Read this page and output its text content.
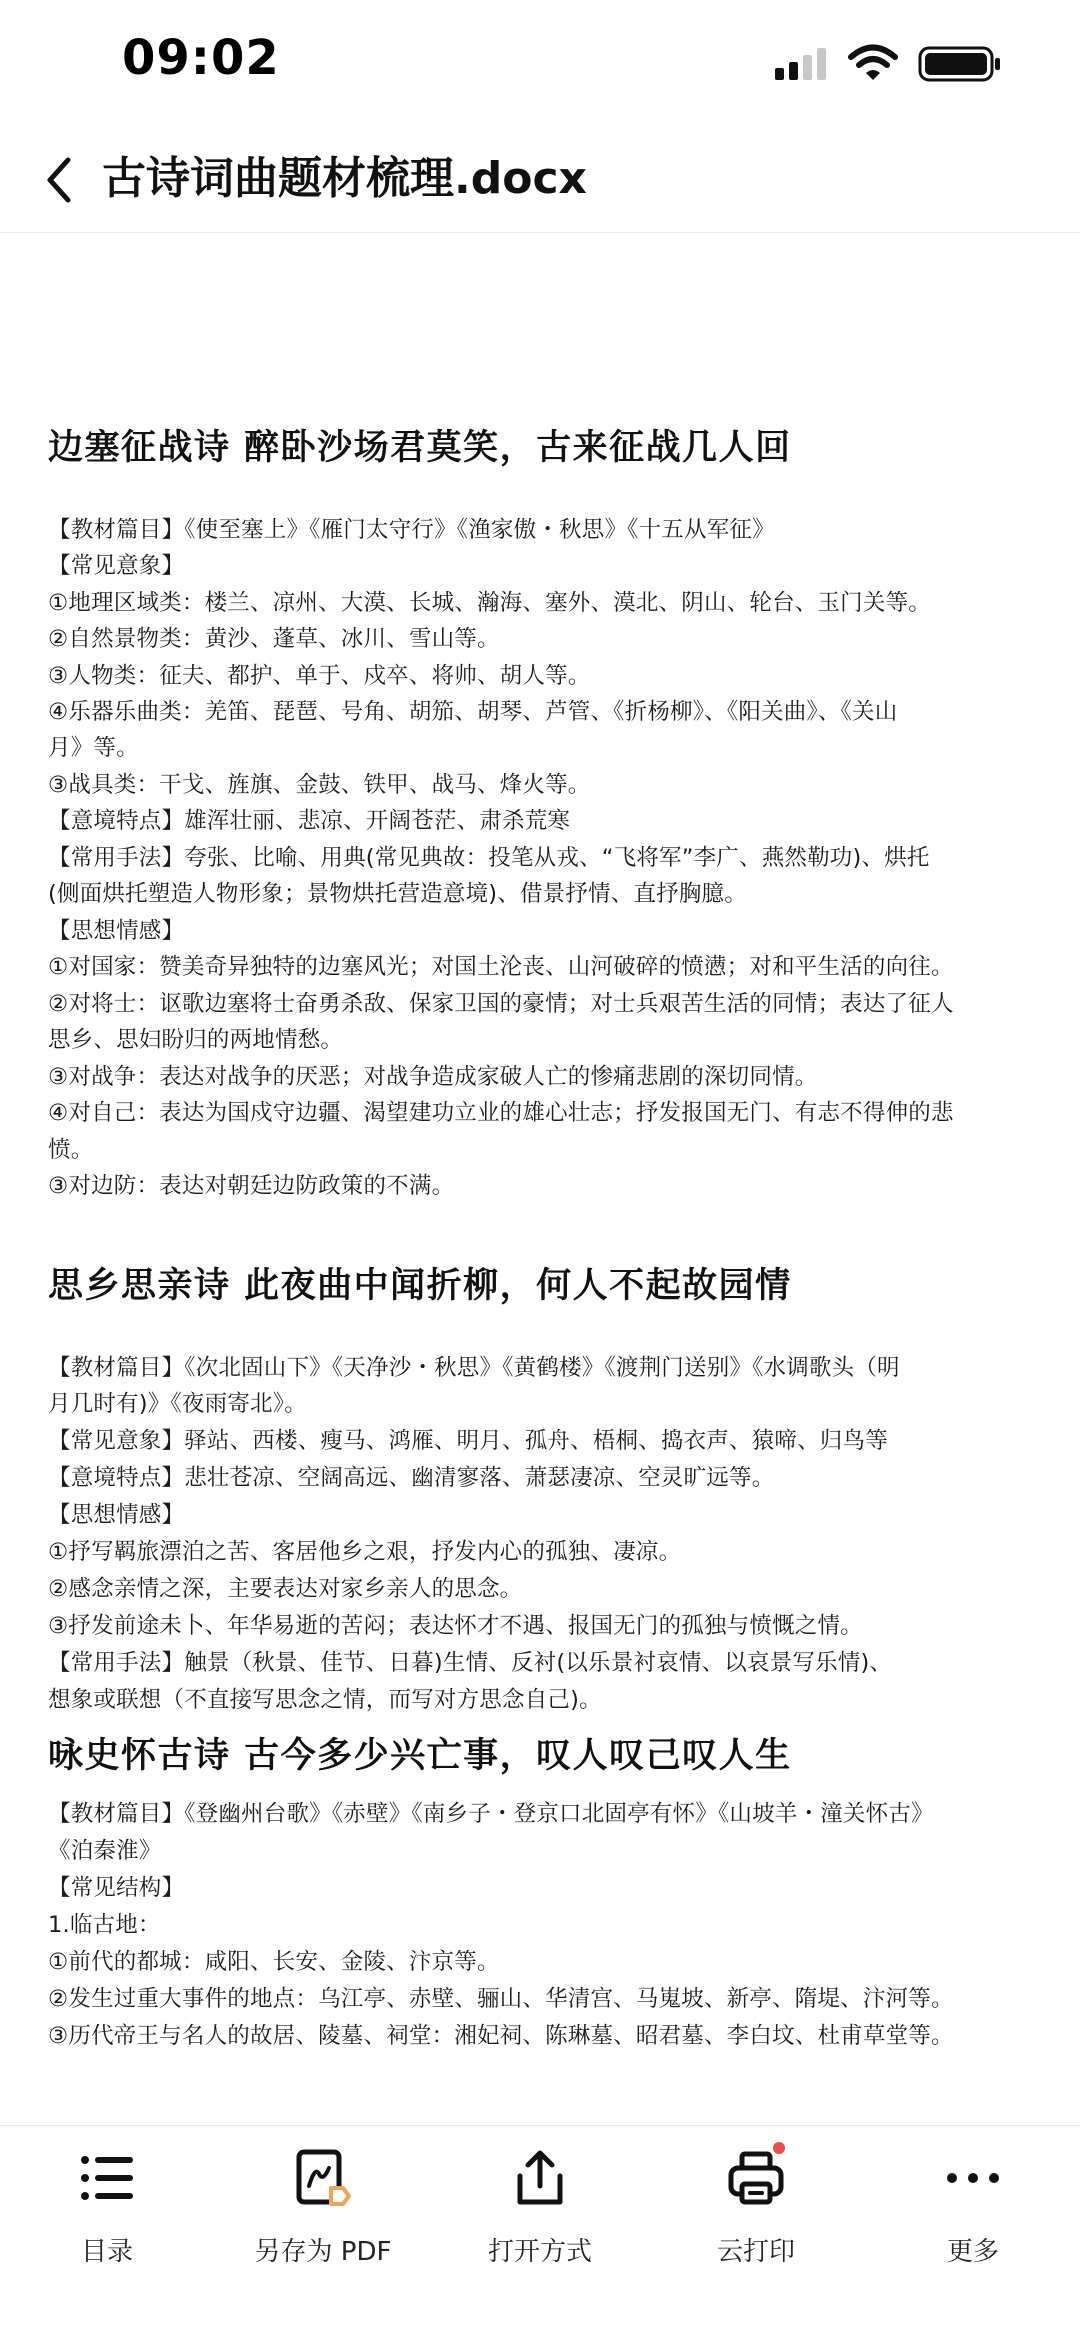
09:02
古诗词曲题材梳理.docx
边塞征战诗 醉卧沙场君莫笑，古来征战几人回
【教材篇目】《使至塞上》《雁门太守行》《渔家傲・秋思》《十五从军征》
【常见意象】
①地理区域类：楼兰、凉州、大漠、长城、瀚海、塞外、漠北、阴山、轮台、玉门关等。
②自然景物类：黄沙、蓬草、冰川、雪山等。
③人物类：征夫、都护、单于、戍卒、将帅、胡人等。
④乐器乐曲类：羌笛、琵琶、号角、胡笳、胡琴、芦管、《折杨柳》、《阳关曲》、《关山
月》等。
③战具类：干戈、旌旗、金鼓、铁甲、战马、烽火等。
【意境特点】雄浑壮丽、悲凉、开阔苍茫、肃杀荒寒
【常用手法】夸张、比喻、用典(常见典故：投笔从戎、“飞将军”李广、燕然勒功)、烘托
(侧面烘托塑造人物形象；景物烘托营造意境)、借景抒情、直抒胸臆。
【思想情感】
①对国家：赞美奇异独特的边塞风光；对国土沦丧、山河破碎的愤懑；对和平生活的向往。
②对将士：讴歌边塞将士奋勇杀敌、保家卫国的豪情；对士兵艰苦生活的同情；表达了征人
思乡、思妇盼归的两地情愁。
③对战争：表达对战争的厌恶；对战争造成家破人亡的惨痛悲剧的深切同情。
④对自己：表达为国戍守边疆、渴望建功立业的雄心壮志；抒发报国无门、有志不得伸的悲
愤。
③对边防：表达对朝廷边防政策的不满。
思乡思亲诗 此夜曲中闻折柳，何人不起故园情
【教材篇目】《次北固山下》《天净沙・秋思》《黄鹤楼》《渡荆门送别》《水调歌头（明
月几时有)》《夜雨寄北》。
【常见意象】驿站、西楼、瘦马、鸿雁、明月、孤舟、梧桐、捣衣声、猿啼、归鸟等
【意境特点】悲壮苍凉、空阔高远、幽清寥落、萧瑟凄凉、空灵旷远等。
【思想情感】
①抒写羁旅漂泊之苦、客居他乡之艰，抒发内心的孤独、凄凉。
②感念亲情之深，主要表达对家乡亲人的思念。
③抒发前途未卜、年华易逝的苦闷；表达怀才不遇、报国无门的孤独与愤慨之情。
【常用手法】触景（秋景、佳节、日暮)生情、反衬(以乐景衬哀情、以哀景写乐情)、
想象或联想（不直接写思念之情，而写对方思念自己)。
咏史怀古诗 古今多少兴亡事，叹人叹己叹人生
【教材篇目】《登幽州台歌》《赤壁》《南乡子・登京口北固亭有怀》《山坡羊・潼关怀古》
《泊秦淮》
【常见结构】
1.临古地：
①前代的都城：咸阳、长安、金陵、汴京等。
②发生过重大事件的地点：乌江亭、赤壁、骊山、华清宫、马嵬坡、新亭、隋堤、汴河等。
③历代帝王与名人的故居、陵墓、祠堂：湘妃祠、陈琳墓、昭君墓、李白坟、杜甫草堂等。
目录	另存为 PDF	打开方式	云打印	更多
